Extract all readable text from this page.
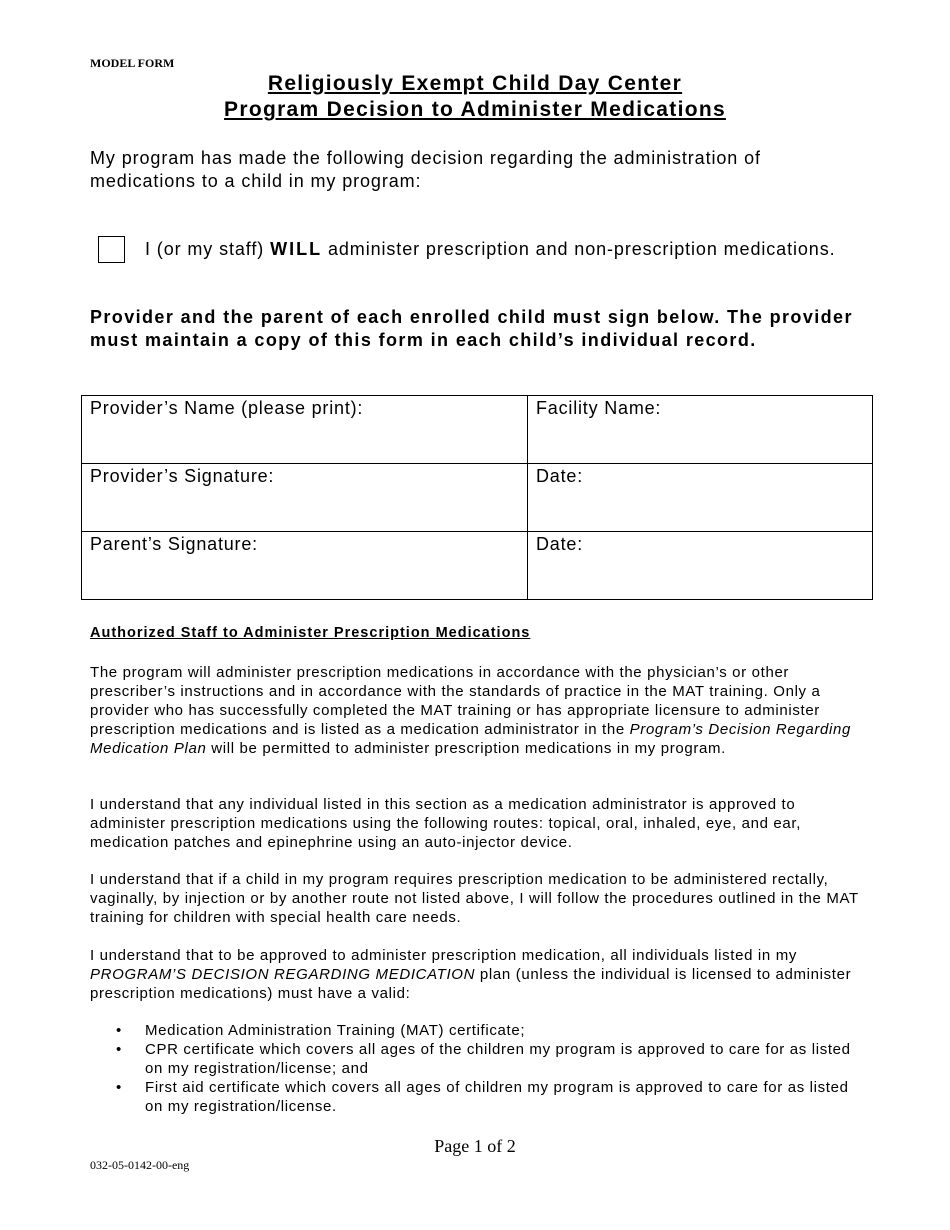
MODEL FORM
Religiously Exempt Child Day Center
Program Decision to Administer Medications
My program has made the following decision regarding the administration of medications to a child in my program:
I (or my staff) WILL administer prescription and non-prescription medications.
Provider and the parent of each enrolled child must sign below. The provider must maintain a copy of this form in each child’s individual record.
Provider’s Name (please print):	Facility Name:
Provider’s Signature:	Date:
Parent’s Signature:	Date:
Authorized Staff to Administer Prescription Medications
The program will administer prescription medications in accordance with the physician’s or other prescriber’s instructions and in accordance with the standards of practice in the MAT training. Only a provider who has successfully completed the MAT training or has appropriate licensure to administer prescription medications and is listed as a medication administrator in the Program’s Decision Regarding Medication Plan will be permitted to administer prescription medications in my program.
I understand that any individual listed in this section as a medication administrator is approved to administer prescription medications using the following routes: topical, oral, inhaled, eye, and ear, medication patches and epinephrine using an auto-injector device.
I understand that if a child in my program requires prescription medication to be administered rectally, vaginally, by injection or by another route not listed above, I will follow the procedures outlined in the MAT training for children with special health care needs.
I understand that to be approved to administer prescription medication, all individuals listed in my PROGRAM’S DECISION REGARDING MEDICATION plan (unless the individual is licensed to administer prescription medications) must have a valid:
• Medication Administration Training (MAT) certificate;
• CPR certificate which covers all ages of the children my program is approved to care for as listed on my registration/license; and
• First aid certificate which covers all ages of children my program is approved to care for as listed on my registration/license.
Page 1 of 2
032-05-0142-00-eng
